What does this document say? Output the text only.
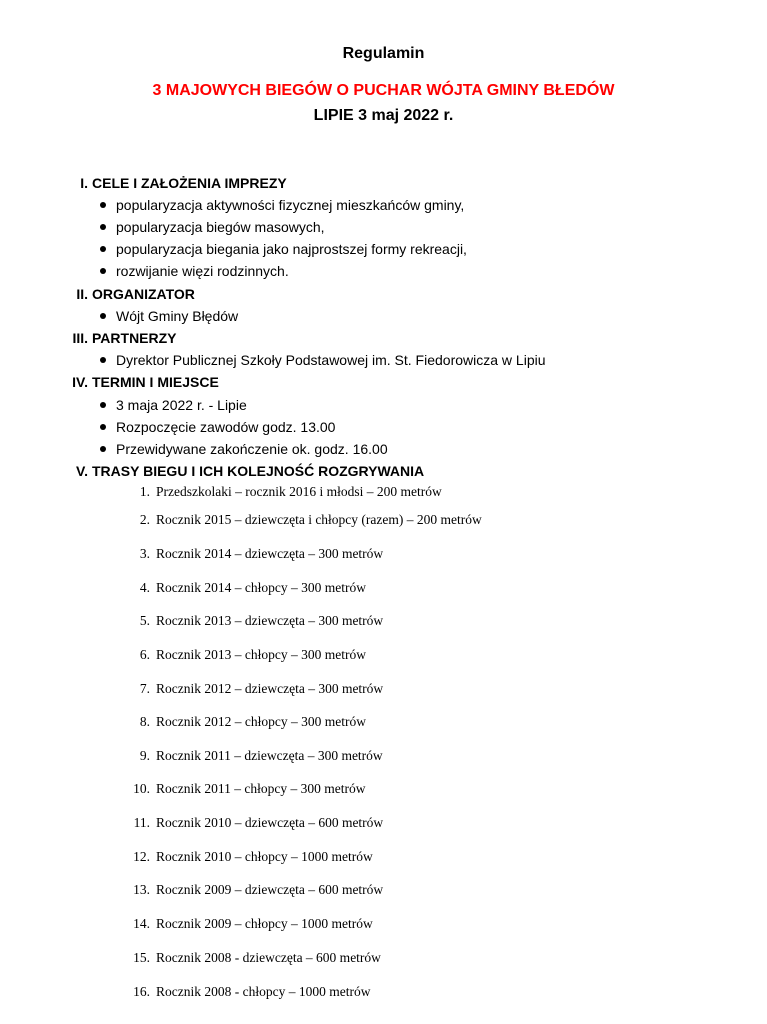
Regulamin
3 MAJOWYCH BIEGÓW O PUCHAR WÓJTA GMINY BŁEDÓW
LIPIE 3 maj 2022 r.
I. CELE I ZAŁOŻENIA IMPREZY
popularyzacja aktywności fizycznej mieszkańców gminy,
popularyzacja biegów masowych,
popularyzacja biegania jako najprostszej formy rekreacji,
rozwijanie więzi rodzinnych.
II. ORGANIZATOR
Wójt Gminy Błędów
III. PARTNERZY
Dyrektor Publicznej Szkoły Podstawowej im. St. Fiedorowicza w Lipiu
IV. TERMIN I MIEJSCE
3 maja 2022 r. - Lipie
Rozpoczęcie zawodów godz. 13.00
Przewidywane zakończenie ok. godz. 16.00
V. TRASY BIEGU I ICH KOLEJNOŚĆ ROZGRYWANIA
1. Przedszkolaki – rocznik 2016 i młodsi – 200 metrów
2. Rocznik 2015 – dziewczęta i chłopcy (razem) – 200 metrów
3. Rocznik 2014 – dziewczęta – 300 metrów
4. Rocznik 2014 – chłopcy – 300 metrów
5. Rocznik 2013 – dziewczęta – 300 metrów
6. Rocznik 2013 – chłopcy – 300 metrów
7. Rocznik 2012 – dziewczęta – 300 metrów
8. Rocznik 2012 – chłopcy – 300 metrów
9. Rocznik 2011 – dziewczęta – 300 metrów
10. Rocznik 2011 – chłopcy – 300 metrów
11. Rocznik 2010 – dziewczęta – 600 metrów
12. Rocznik 2010 – chłopcy – 1000 metrów
13. Rocznik 2009 – dziewczęta – 600 metrów
14. Rocznik 2009 – chłopcy – 1000 metrów
15. Rocznik 2008 - dziewczęta – 600 metrów
16. Rocznik 2008 - chłopcy – 1000 metrów
